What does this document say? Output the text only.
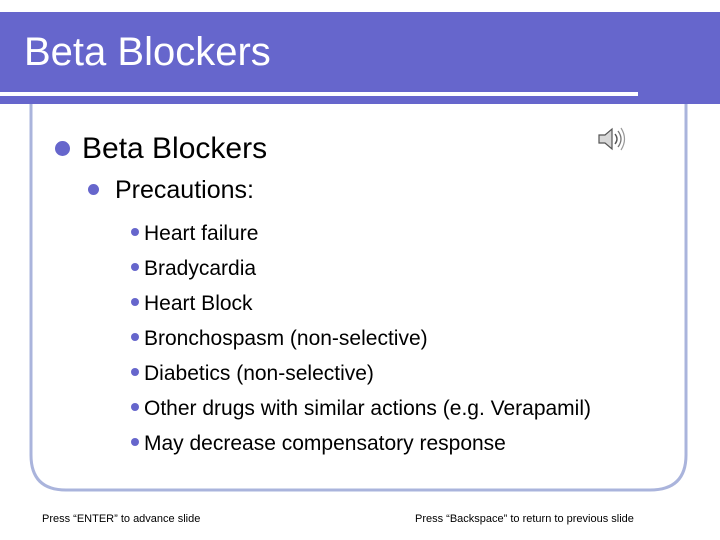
Beta Blockers
Beta Blockers
Precautions:
Heart failure
Bradycardia
Heart Block
Bronchospasm (non-selective)
Diabetics (non-selective)
Other drugs with similar actions (e.g. Verapamil)
May decrease compensatory response
Press “ENTER” to advance slide	Press “Backspace” to return to previous slide
